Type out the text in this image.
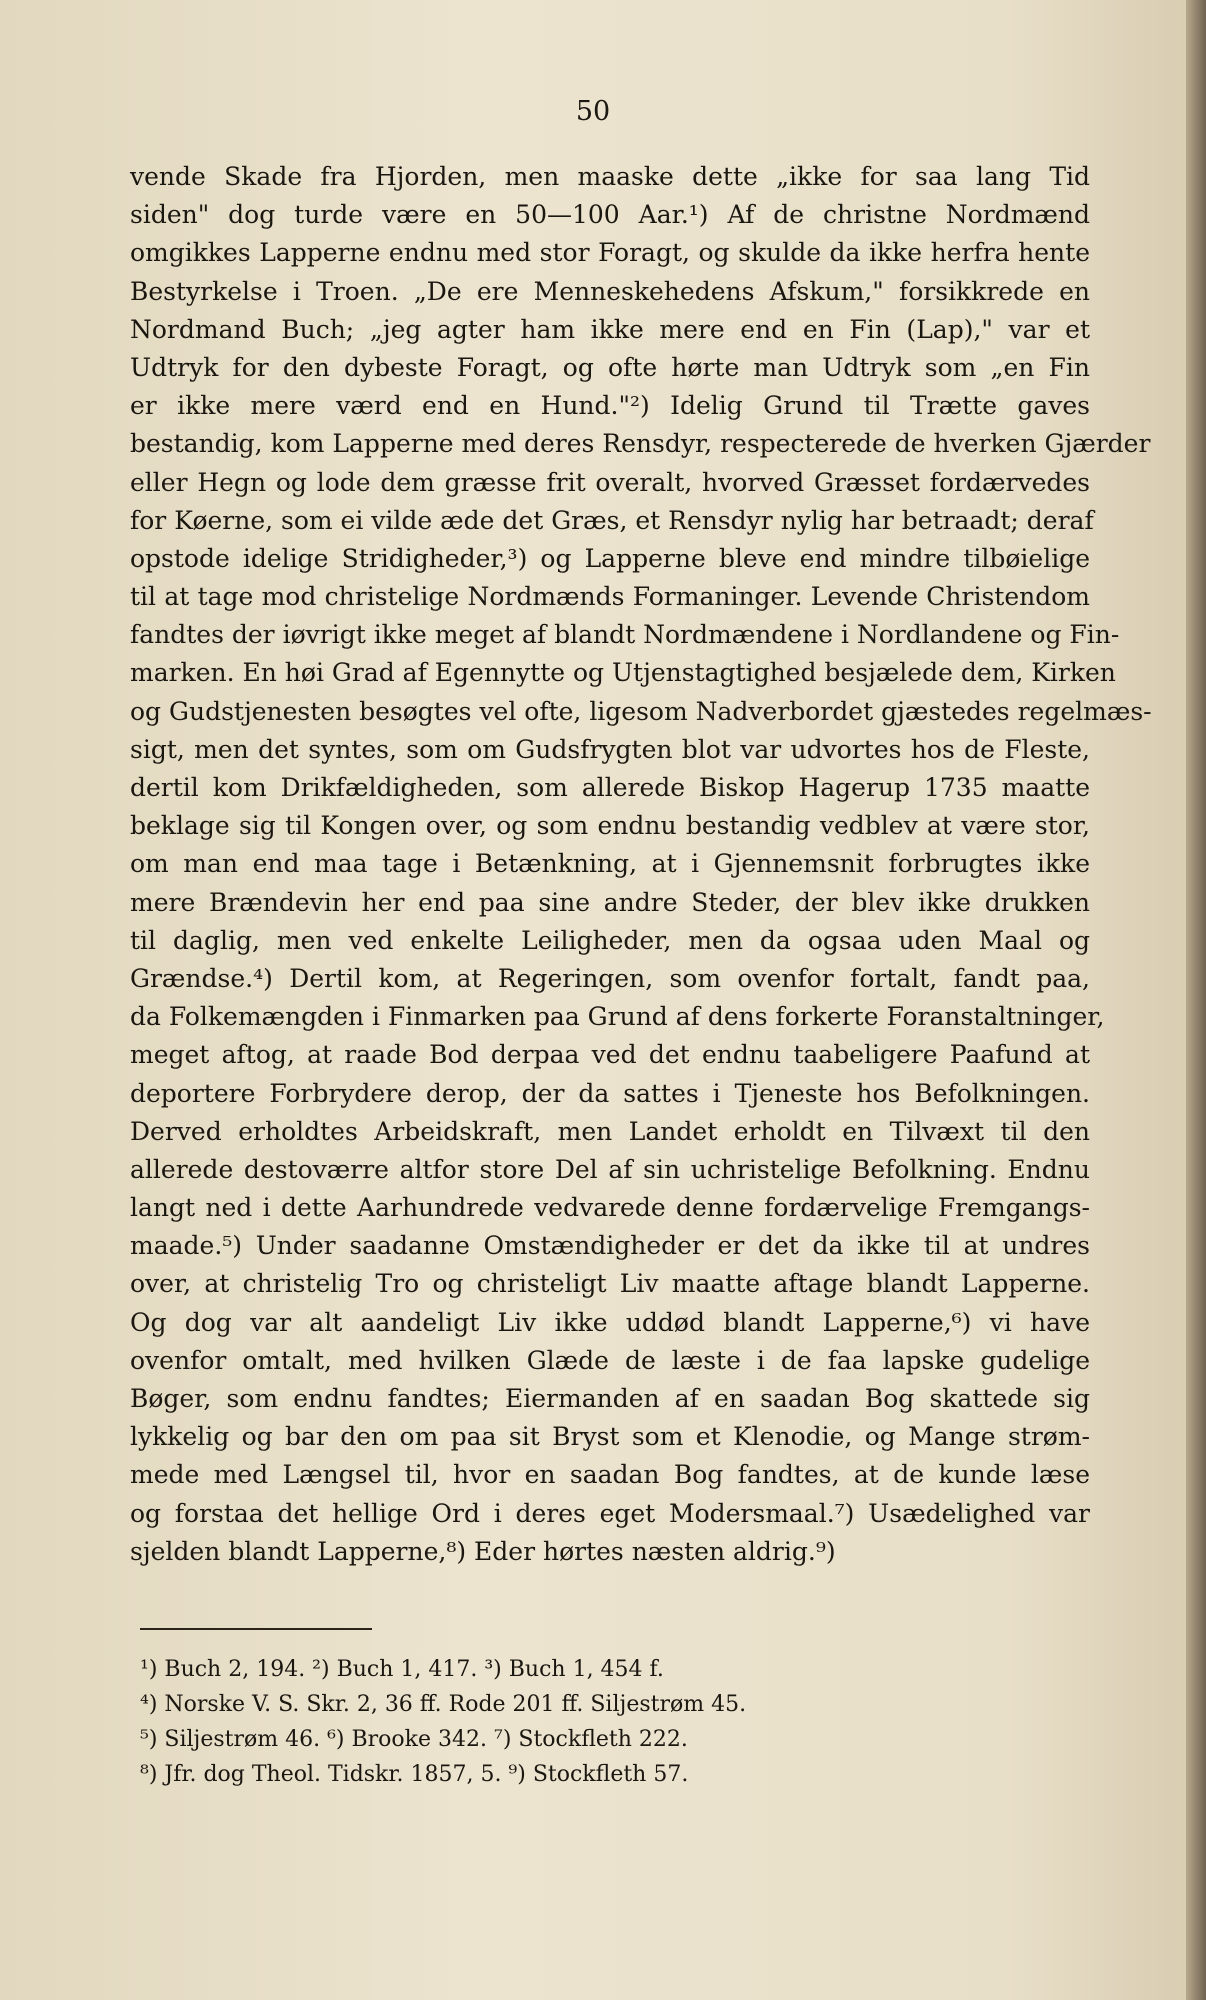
50
vende Skade fra Hjorden, men maaske dette „ikke for saa lang Tid
siden" dog turde være en 50—100 Aar.¹) Af de christne Nordmænd
omgikkes Lapperne endnu med stor Foragt, og skulde da ikke herfra hente
Bestyrkelse i Troen. „De ere Menneskehedens Afskum," forsikkrede en
Nordmand Buch; „jeg agter ham ikke mere end en Fin (Lap)," var et
Udtryk for den dybeste Foragt, og ofte hørte man Udtryk som „en Fin
er ikke mere værd end en Hund."²) Idelig Grund til Trætte gaves
bestandig, kom Lapperne med deres Rensdyr, respecterede de hverken Gjærder
eller Hegn og lode dem græsse frit overalt, hvorved Græsset fordærvedes
for Køerne, som ei vilde æde det Græs, et Rensdyr nylig har betraadt; deraf
opstode idelige Stridigheder,³) og Lapperne bleve end mindre tilbøielige
til at tage mod christelige Nordmænds Formaninger. Levende Christendom
fandtes der iøvrigt ikke meget af blandt Nordmændene i Nordlandene og Fin-
marken. En høi Grad af Egennytte og Utjenstagtighed besjælede dem, Kirken
og Gudstjenesten besøgtes vel ofte, ligesom Nadverbordet gjæstedes regelmæs-
sigt, men det syntes, som om Gudsfrygten blot var udvortes hos de Fleste,
dertil kom Drikfældigheden, som allerede Biskop Hagerup 1735 maatte
beklage sig til Kongen over, og som endnu bestandig vedblev at være stor,
om man end maa tage i Betænkning, at i Gjennemsnit forbrugtes ikke
mere Brændevin her end paa sine andre Steder, der blev ikke drukken
til daglig, men ved enkelte Leiligheder, men da ogsaa uden Maal og
Grændse.⁴) Dertil kom, at Regeringen, som ovenfor fortalt, fandt paa,
da Folkemængden i Finmarken paa Grund af dens forkerte Foranstaltninger,
meget aftog, at raade Bod derpaa ved det endnu taabeligere Paafund at
deportere Forbrydere derop, der da sattes i Tjeneste hos Befolkningen.
Derved erholdtes Arbeidskraft, men Landet erholdt en Tilvæxt til den
allerede destoværre altfor store Del af sin uchristelige Befolkning. Endnu
langt ned i dette Aarhundrede vedvarede denne fordærvelige Fremgangs-
maade.⁵) Under saadanne Omstændigheder er det da ikke til at undres
over, at christelig Tro og christeligt Liv maatte aftage blandt Lapperne.
Og dog var alt aandeligt Liv ikke uddød blandt Lapperne,⁶) vi have
ovenfor omtalt, med hvilken Glæde de læste i de faa lapske gudelige
Bøger, som endnu fandtes; Eiermanden af en saadan Bog skattede sig
lykkelig og bar den om paa sit Bryst som et Klenodie, og Mange strøm-
mede med Længsel til, hvor en saadan Bog fandtes, at de kunde læse
og forstaa det hellige Ord i deres eget Modersmaal.⁷) Usædelighed var
sjelden blandt Lapperne,⁸) Eder hørtes næsten aldrig.⁹)
¹) Buch 2, 194. ²) Buch 1, 417. ³) Buch 1, 454 f.
⁴) Norske V. S. Skr. 2, 36 ff. Rode 201 ff. Siljestrøm 45.
⁵) Siljestrøm 46. ⁶) Brooke 342. ⁷) Stockfleth 222.
⁸) Jfr. dog Theol. Tidskr. 1857, 5. ⁹) Stockfleth 57.
